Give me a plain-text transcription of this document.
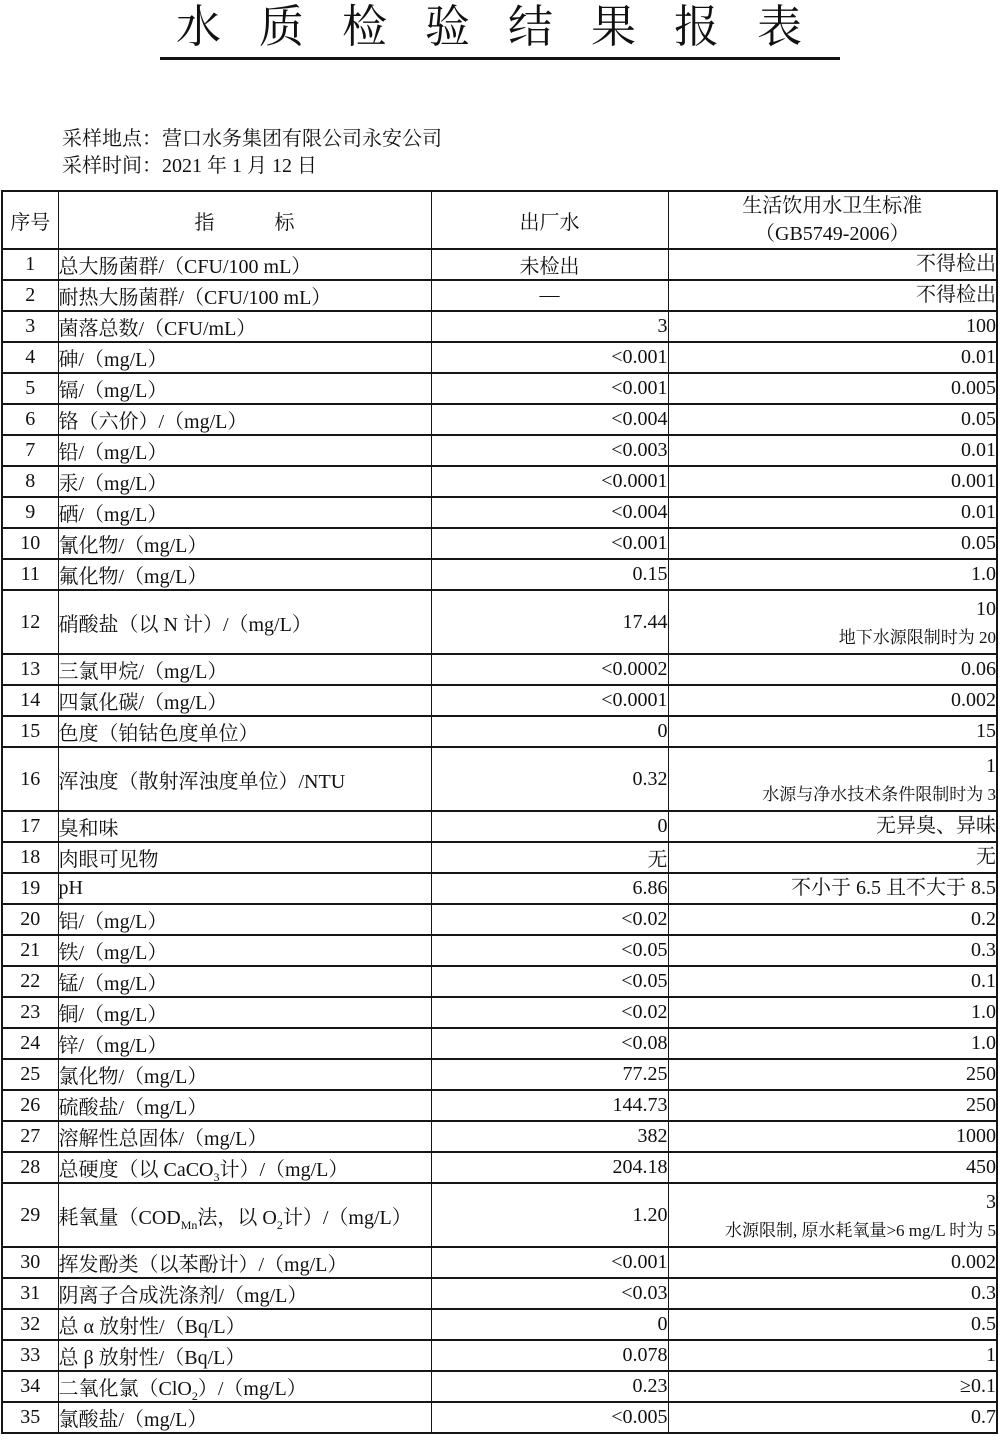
水质检验结果报表
采样地点：营口水务集团有限公司永安公司
采样时间：2021 年 1 月 12 日
序号	指　　　标	出厂水	生活饮用水卫生标准
（GB5749-2006）

1	总大肠菌群/（CFU/100 mL）	未检出	不得检出

2	耐热大肠菌群/（CFU/100 mL）	—	不得检出

3	菌落总数/（CFU/mL）	3	100

4	砷/（mg/L）	<0.001	0.01

5	镉/（mg/L）	<0.001	0.005

6	铬（六价）/（mg/L）	<0.004	0.05

7	铅/（mg/L）	<0.003	0.01

8	汞/（mg/L）	<0.0001	0.001

9	硒/（mg/L）	<0.004	0.01

10	氰化物/（mg/L）	<0.001	0.05

11	氟化物/（mg/L）	0.15	1.0

12	硝酸盐（以 N 计）/（mg/L）	17.44	10
地下水源限制时为 20

13	三氯甲烷/（mg/L）	<0.0002	0.06

14	四氯化碳/（mg/L）	<0.0001	0.002

15	色度（铂钴色度单位）	0	15

16	浑浊度（散射浑浊度单位）/NTU	0.32	1
水源与净水技术条件限制时为 3

17	臭和味	0	无异臭、异味

18	肉眼可见物	无	无

19	pH	6.86	不小于 6.5 且不大于 8.5

20	铝/（mg/L）	<0.02	0.2

21	铁/（mg/L）	<0.05	0.3

22	锰/（mg/L）	<0.05	0.1

23	铜/（mg/L）	<0.02	1.0

24	锌/（mg/L）	<0.08	1.0

25	氯化物/（mg/L）	77.25	250

26	硫酸盐/（mg/L）	144.73	250

27	溶解性总固体/（mg/L）	382	1000

28	总硬度（以 CaCO$_3$计）/（mg/L）	204.18	450

29	耗氧量（$COD_{Mn}$法，以 $O_2$计）/（mg/L）	1.20	3
水源限制, 原水耗氧量>6 mg/L 时为 5

30	挥发酚类（以苯酚计）/（mg/L）	<0.001	0.002

31	阴离子合成洗涤剂/（mg/L）	<0.03	0.3

32	总 α 放射性/（Bq/L）	0	0.5

33	总 β 放射性/（Bq/L）	0.078	1

34	二氧化氯（ClO$_2$）/（mg/L）	0.23	≥0.1

35	氯酸盐/（mg/L）	<0.005	0.7
